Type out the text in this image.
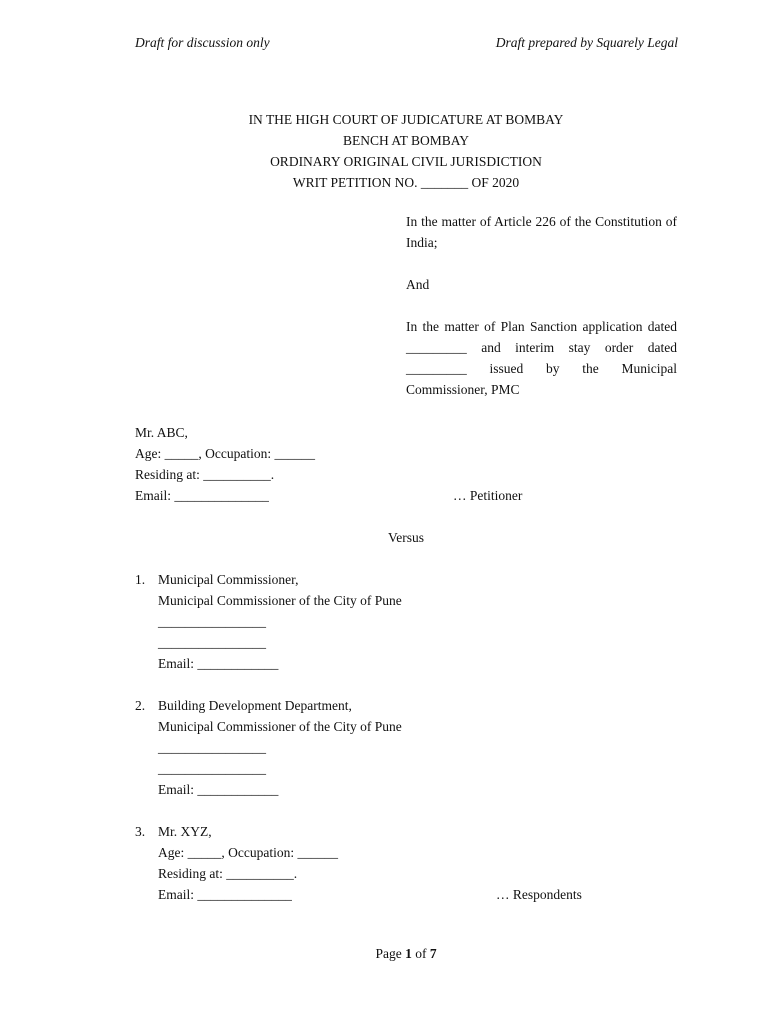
Draft for discussion only	Draft prepared by Squarely Legal
IN THE HIGH COURT OF JUDICATURE AT BOMBAY
BENCH AT BOMBAY
ORDINARY ORIGINAL CIVIL JURISDICTION
WRIT PETITION NO. _______ OF 2020

In the matter of Article 226 of the Constitution of India;

And

In the matter of Plan Sanction application dated _________ and interim stay order dated _________ issued by the Municipal Commissioner, PMC

Mr. ABC,
Age: _____, Occupation: ______
Residing at: __________.
Email: ______________	… Petitioner
Versus
1. Municipal Commissioner,
Municipal Commissioner of the City of Pune
________________
________________
Email: ____________
2. Building Development Department,
Municipal Commissioner of the City of Pune
________________
________________
Email: ____________
3. Mr. XYZ,
Age: _____, Occupation: ______
Residing at: __________.
Email: ______________	… Respondents
Page 1 of 7
